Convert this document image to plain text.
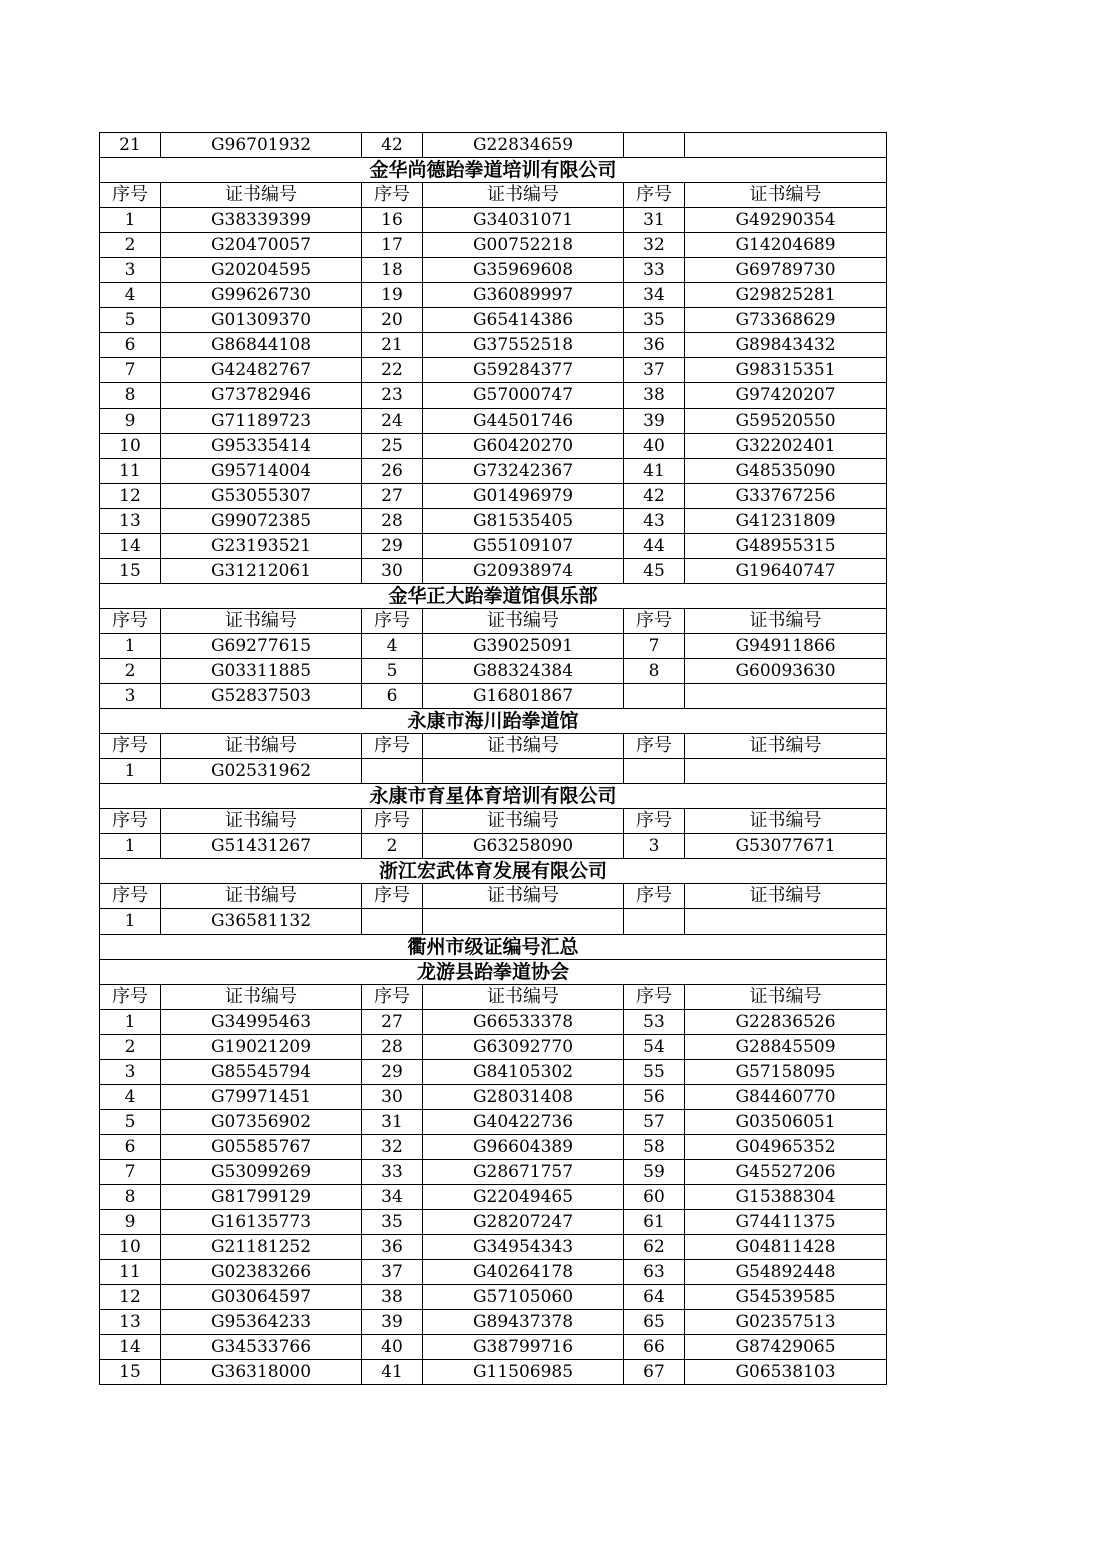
21	G96701932	42	G22834659		
金华尚德跆拳道培训有限公司					
序号	证书编号	序号	证书编号	序号	证书编号
1	G38339399	16	G34031071	31	G49290354
2	G20470057	17	G00752218	32	G14204689
3	G20204595	18	G35969608	33	G69789730
4	G99626730	19	G36089997	34	G29825281
5	G01309370	20	G65414386	35	G73368629
6	G86844108	21	G37552518	36	G89843432
7	G42482767	22	G59284377	37	G98315351
8	G73782946	23	G57000747	38	G97420207
9	G71189723	24	G44501746	39	G59520550
10	G95335414	25	G60420270	40	G32202401
11	G95714004	26	G73242367	41	G48535090
12	G53055307	27	G01496979	42	G33767256
13	G99072385	28	G81535405	43	G41231809
14	G23193521	29	G55109107	44	G48955315
15	G31212061	30	G20938974	45	G19640747
金华正大跆拳道馆俱乐部					
序号	证书编号	序号	证书编号	序号	证书编号
1	G69277615	4	G39025091	7	G94911866
2	G03311885	5	G88324384	8	G60093630
3	G52837503	6	G16801867		
永康市海川跆拳道馆					
序号	证书编号	序号	证书编号	序号	证书编号
1	G02531962				
永康市育星体育培训有限公司					
序号	证书编号	序号	证书编号	序号	证书编号
1	G51431267	2	G63258090	3	G53077671
浙江宏武体育发展有限公司					
序号	证书编号	序号	证书编号	序号	证书编号
1	G36581132				
衢州市级证编号汇总					
龙游县跆拳道协会					
序号	证书编号	序号	证书编号	序号	证书编号
1	G34995463	27	G66533378	53	G22836526
2	G19021209	28	G63092770	54	G28845509
3	G85545794	29	G84105302	55	G57158095
4	G79971451	30	G28031408	56	G84460770
5	G07356902	31	G40422736	57	G03506051
6	G05585767	32	G96604389	58	G04965352
7	G53099269	33	G28671757	59	G45527206
8	G81799129	34	G22049465	60	G15388304
9	G16135773	35	G28207247	61	G74411375
10	G21181252	36	G34954343	62	G04811428
11	G02383266	37	G40264178	63	G54892448
12	G03064597	38	G57105060	64	G54539585
13	G95364233	39	G89437378	65	G02357513
14	G34533766	40	G38799716	66	G87429065
15	G36318000	41	G11506985	67	G06538103
